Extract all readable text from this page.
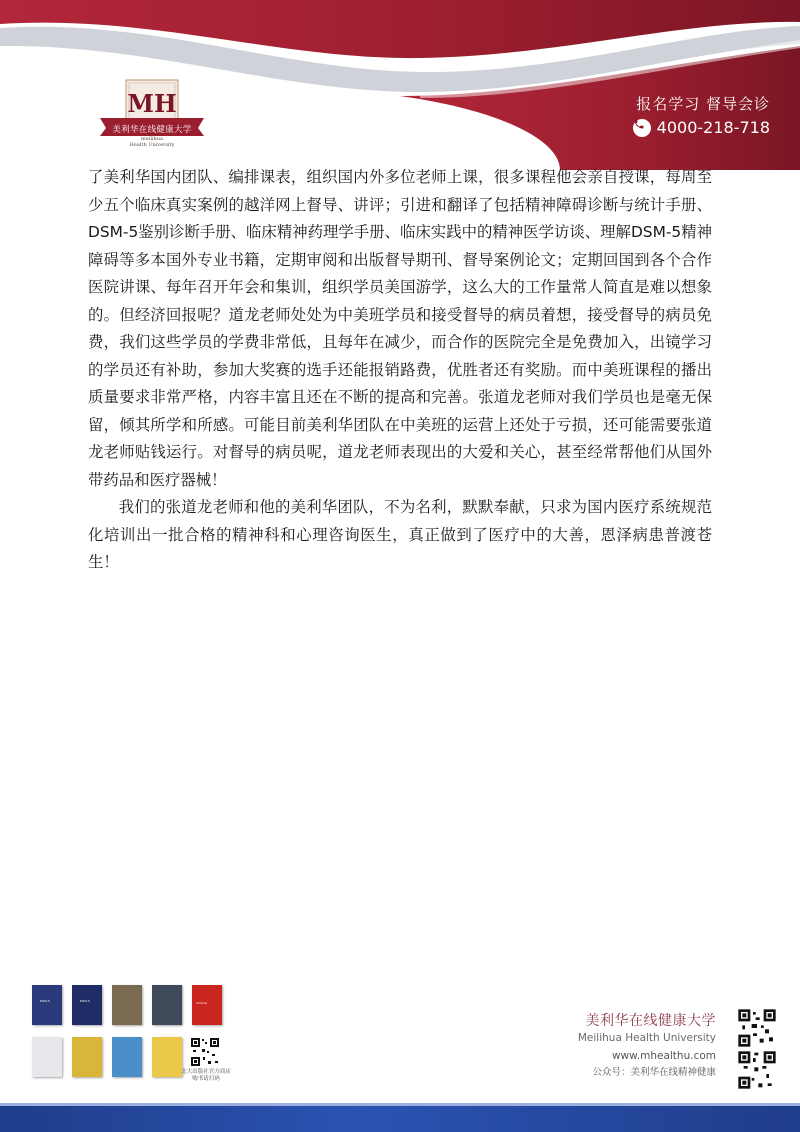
MH
美利华在线健康大学
meilihua
Health University
报名学习 督导会诊
4000-218-718

了美利华国内团队、编排课表，组织国内外多位老师上课，很多课程他会亲自授课，每周至少五个临床真实案例的越洋网上督导、讲评；引进和翻译了包括精神障碍诊断与统计手册、DSM-5鉴别诊断手册、临床精神药理学手册、临床实践中的精神医学访谈、理解DSM-5精神障碍等多本国外专业书籍，定期审阅和出版督导期刊、督导案例论文；定期回国到各个合作医院讲课、每年召开年会和集训，组织学员美国游学，这么大的工作量常人简直是难以想象的。但经济回报呢？道龙老师处处为中美班学员和接受督导的病员着想，接受督导的病员免费，我们这些学员的学费非常低，且每年在减少，而合作的医院完全是免费加入，出镜学习的学员还有补助，参加大奖赛的选手还能报销路费，优胜者还有奖励。而中美班课程的播出质量要求非常严格，内容丰富且还在不断的提高和完善。张道龙老师对我们学员也是毫无保留，倾其所学和所感。可能目前美利华团队在中美班的运营上还处于亏损，还可能需要张道龙老师贴钱运行。对督导的病员呢，道龙老师表现出的大爱和关心，甚至经常帮他们从国外带药品和医疗器械！

我们的张道龙老师和他的美利华团队，不为名利，默默奉献，只求为国内医疗系统规范化培训出一批合格的精神科和心理咨询医生，真正做到了医疗中的大善，恩泽病患普渡苍生！

DSM-5	DSM-5	Clinical
北大出版社官方商店购书请扫码
美利华在线健康大学
Meilihua Health University
www.mhealthu.com
公众号：美利华在线精神健康
